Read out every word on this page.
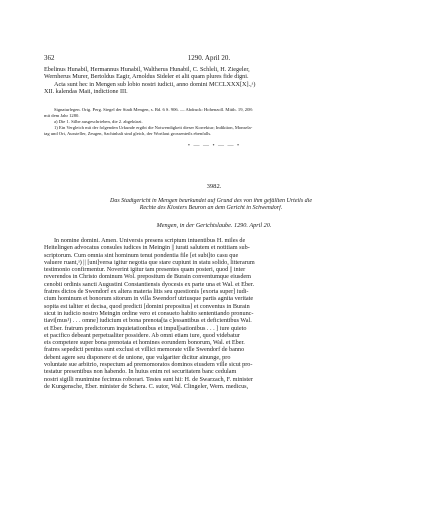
362	1290. April 20.
Ebelinus Hunabil, Hermannus Hunabil, Waltherus Hunabil, C. Schleli, H. Ziegeler,
Wernherus Murer, Bertoldus Eagir, Arnoldus Sideler et alii quam plures fide digni.
Acta sunt hec in Mengen sub lobio nostri iudicii, anno domini MCCLXXX[X].,ᵃ)
XII. kalendas Maii, indictione III.
Signaturlegen. Orig. Perg. Siegel der Stadt Mengen, s. Bd. 6 S. 906. — Abdruck: Hohenzoll. Mitth. 19, 208:
mit dem Jahr 1280.
a) Die 1. Silbe ausgeschrieben, die 2. abgekürzt.
1) Ein Vergleich mit der folgenden Urkunde ergibt die Notwendigkeit dieser Korrektur; Indiktion, Monsela-
tag und Ort, Aussteller, Zeugen, Sachinhalt sind gleich, der Wortlaut grossenteils ebenfalls.
• — — • — — •
3982.
Das Stadtgericht in Mengen beurkundet auf Grund des von ihm gefällten Urteils die
Rechte des Klosters Beuron an dem Gericht in Schwendorf.
Mengen, in der Gerichtslaube. 1290. April 20.
In nomine domini. Amen. Universis presens scriptum intuentibus H. miles de
Heitelingen advocatus consules iudices in Meingin || iurati salutem et notitiam sub-
scriptorum. Cum omnia sint hominum tenui pondentia file [et subi]to casu que
valuere ruant,ᵃ) || [uni]versa igitur negotia que stare cupiunt in statu solido, litterarum
testimonio confirmentur. Noverint igitur tam presentes quam posteri, quod || inter
reverendos in Christo dominum Wol. prepositum de Burain conventumque eiusdem
cenobii ordinis sancti Augustini Constantiensis dyocesis ex parte una et Wal. et Eber.
fratres dictos de Swendorf ex altera materia litis seu questionis [exorta super] iudi-
cium hominum et bonorum sitorum in villa Swendorf utriusque partis agnita veritate
sopita est taliter et decisa, quod predicti [domini prepositus] et conventus in Burain
sicut in iudicio nostro Meingin ordine vero et consueto habito sententiando pronunc-
tiavi[mus¹) . . . omne] iudicium et bona prenota[ta c]essantibus et deficientibus Wal.
et Eber. fratrum predictorum inquietationibus et impul[sationibus . . . ] iure quieto
et pacifico debeant perpetualiter possidere. Ab omni etiam iure, quod videbatur
eis competere super bona prenotata et homines eorundem bonorum, Wal. et Eber.
fratres sepedicti penitus sunt exclusi et villici memorate ville Swendorf de banno
debent agere seu disponere et de unione, que vulgariter dicitur ainunge, pro
voluntate sue arbitrio, respectum ad premomoratos dominos eiusdem ville sicut pro-
testatur presentibus non habendo. In huius enim rei securitatem banc cedulam
nostri sigilli munimine fecimus roborari. Testes sunt hii: H. de Swarzach, F. minister
de Kungensche, Eber. minister de Schera. C. sutor, Wal. Clingeler, Wern. medicus,
